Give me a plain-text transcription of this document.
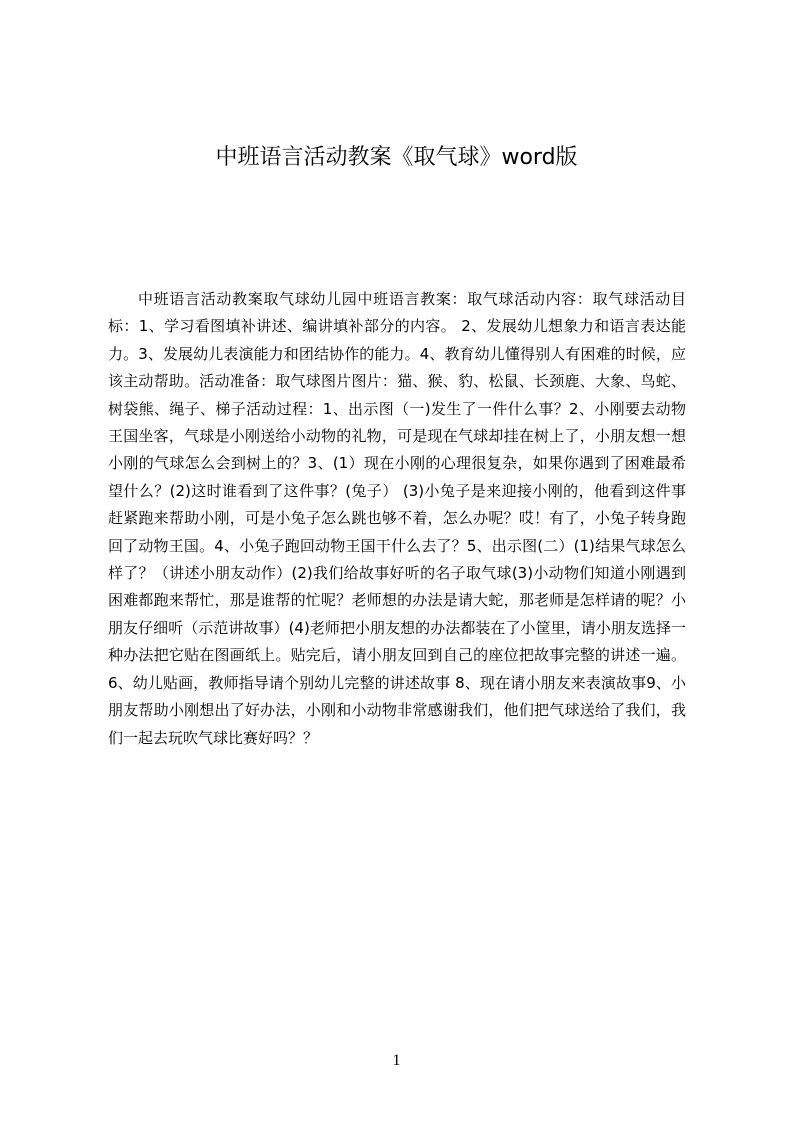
中班语言活动教案《取气球》word版

中班语言活动教案取气球幼儿园中班语言教案：取气球活动内容：取气球活动目标：1、学习看图填补讲述、编讲填补部分的内容。 2、发展幼儿想象力和语言表达能力。3、发展幼儿表演能力和团结协作的能力。4、教育幼儿懂得别人有困难的时候，应该主动帮助。活动准备：取气球图片图片：猫、猴、豹、松鼠、长颈鹿、大象、鸟蛇、树袋熊、绳子、梯子活动过程：1、出示图（一)发生了一件什么事？2、小刚要去动物王国坐客，气球是小刚送给小动物的礼物，可是现在气球却挂在树上了，小朋友想一想小刚的气球怎么会到树上的？3、(1）现在小刚的心理很复杂，如果你遇到了困难最希望什么？(2)这时谁看到了这件事？(兔子） (3)小兔子是来迎接小刚的，他看到这件事赶紧跑来帮助小刚，可是小兔子怎么跳也够不着，怎么办呢？哎！有了，小兔子转身跑回了动物王国。4、小兔子跑回动物王国干什么去了？5、出示图(二）(1)结果气球怎么样了？（讲述小朋友动作）(2)我们给故事好听的名子取气球(3)小动物们知道小刚遇到困难都跑来帮忙，那是谁帮的忙呢？老师想的办法是请大蛇，那老师是怎样请的呢？小朋友仔细听（示范讲故事）(4)老师把小朋友想的办法都装在了小筐里，请小朋友选择一种办法把它贴在图画纸上。贴完后，请小朋友回到自己的座位把故事完整的讲述一遍。6、幼儿贴画，教师指导请个别幼儿完整的讲述故事 8、现在请小朋友来表演故事9、小朋友帮助小刚想出了好办法，小刚和小动物非常感谢我们，他们把气球送给了我们，我们一起去玩吹气球比赛好吗？？

1
